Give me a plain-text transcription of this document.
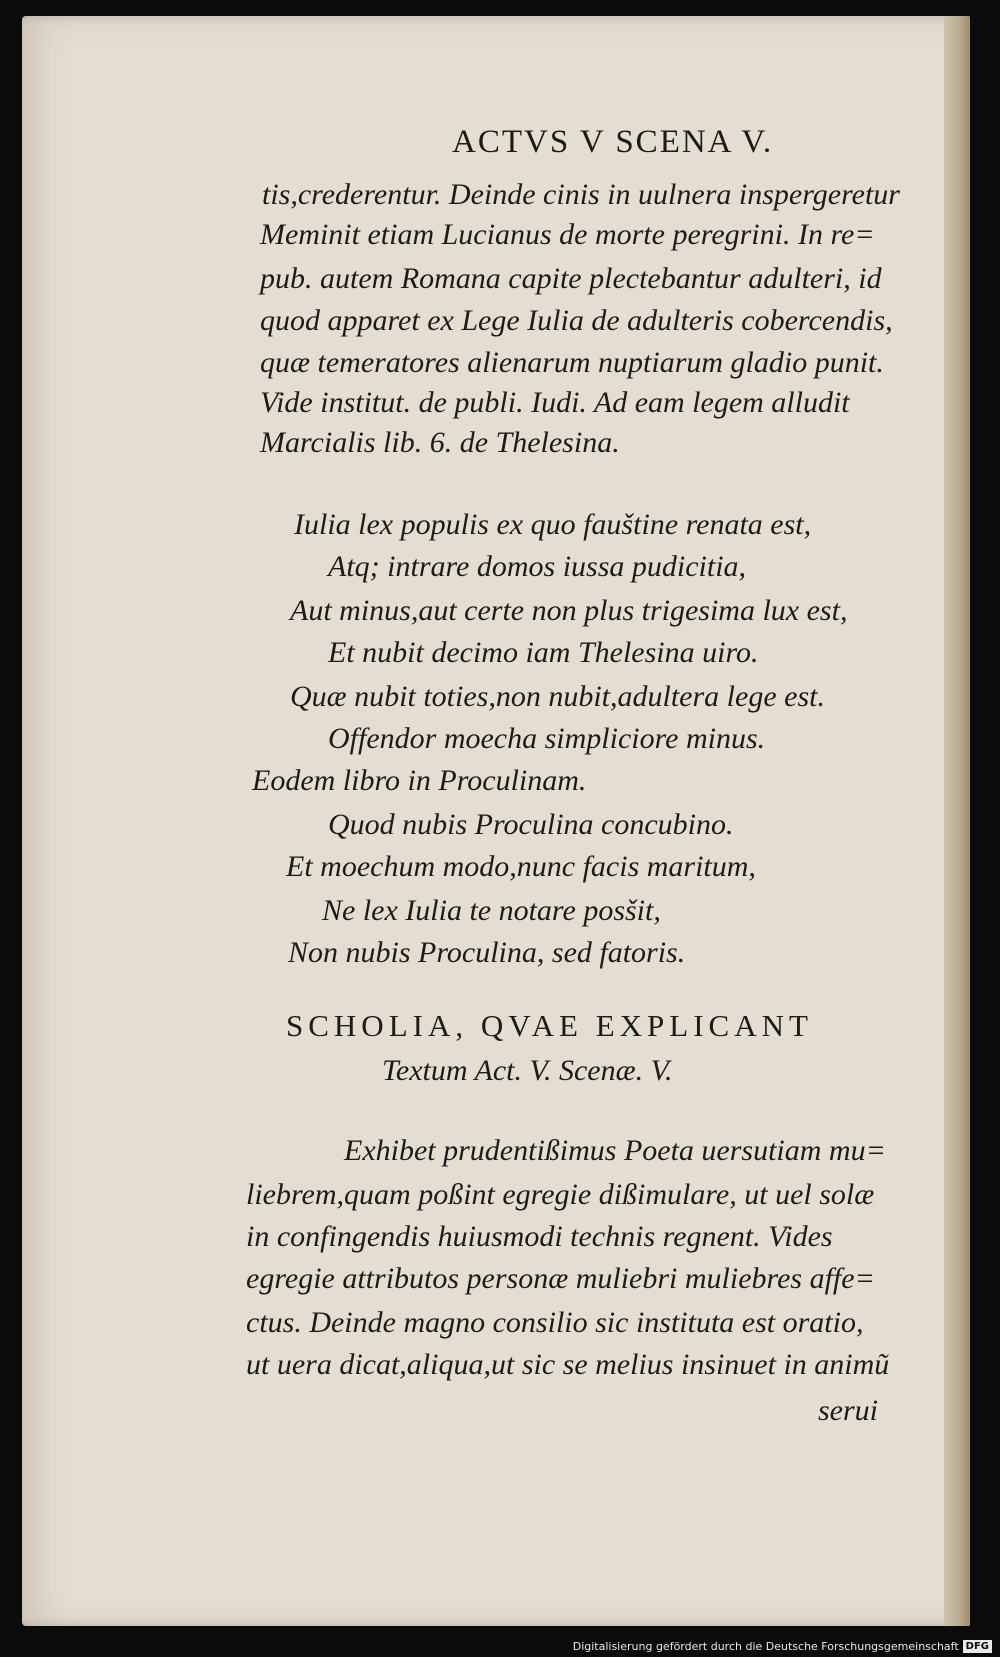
ACTVS V SCENA V.
tis,crederentur. Deinde cinis in uulnera inspergeretur
Meminit etiam Lucianus de morte peregrini. In re=
pub. autem Romana capite plectebantur adulteri, id
quod apparet ex Lege Iulia de adulteris cobercendis,
quæ temeratores alienarum nuptiarum gladio punit.
Vide institut. de publi. Iudi. Ad eam legem alludit
Marcialis lib. 6. de Thelesina.
Iulia lex populis ex quo fauštine renata est,
Atq; intrare domos iussa pudicitia,
Aut minus,aut certe non plus trigesima lux est,
Et nubit decimo iam Thelesina uiro.
Quæ nubit toties,non nubit,adultera lege est.
Offendor moecha simpliciore minus.
Eodem libro in Proculinam.
Quod nubis Proculina concubino.
Et moechum modo,nunc facis maritum,
Ne lex Iulia te notare posšit,
Non nubis Proculina, sed fatoris.
SCHOLIA, QVAE EXPLICANT
Textum Act. V. Scenæ. V.
Exhibet prudentißimus Poeta uersutiam mu=
liebrem,quam poßint egregie dißimulare, ut uel solæ
in confingendis huiusmodi technis regnent. Vides
egregie attributos personæ muliebri muliebres affe=
ctus. Deinde magno consilio sic instituta est oratio,
ut uera dicat,aliqua,ut sic se melius insinuet in animũ
serui
Digitalisierung gefördert durch die Deutsche Forschungsgemeinschaft DFG
